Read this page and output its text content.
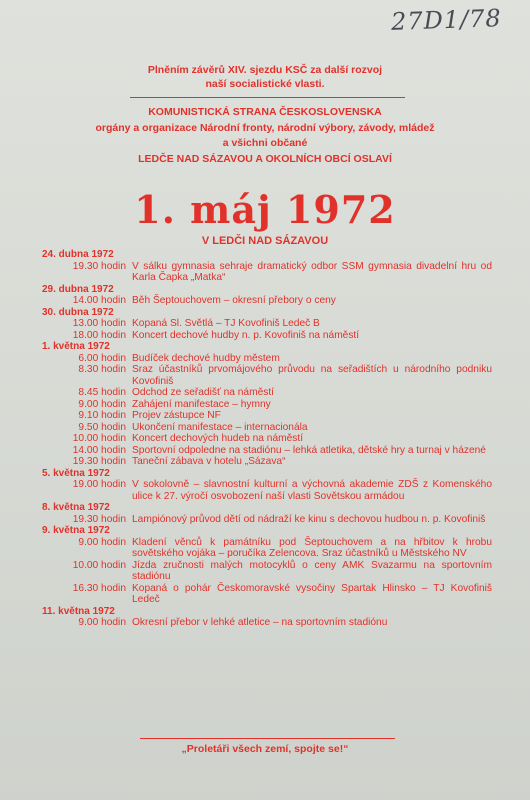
27D1/78
Plněním závěrů XIV. sjezdu KSČ za další rozvoj
naší socialistické vlasti.
KOMUNISTICKÁ STRANA ČESKOSLOVENSKA
orgány a organizace Národní fronty, národní výbory, závody, mládež
a všichni občané
LEDČE NAD SÁZAVOU A OKOLNÍCH OBCÍ OSLAVÍ
1. máj 1972
V LEDČI NAD SÁZAVOU
24. dubna 1972
19.30 hodin V sálku gymnasia sehraje dramatický odbor SSM gymnasia divadelní hru od Karla Čapka „Matka“
29. dubna 1972
14.00 hodin Běh Šeptouchovem – okresní přebory o ceny
30. dubna 1972
13.00 hodin Kopaná Sl. Světlá – TJ Kovofiniš Ledeč B
18.00 hodin Koncert dechové hudby n. p. Kovofiniš na náměstí
1. května 1972
6.00 hodin Budíček dechové hudby městem
8.30 hodin Sraz účastníků prvomájového průvodu na seřadištích u národního podniku Kovofiniš
8.45 hodin Odchod ze seřadišť na náměstí
9.00 hodin Zahájení manifestace – hymny
9.10 hodin Projev zástupce NF
9.50 hodin Ukončení manifestace – internacionála
10.00 hodin Koncert dechových hudeb na náměstí
14.00 hodin Sportovní odpoledne na stadiónu – lehká atletika, dětské hry a turnaj v házené
19.30 hodin Taneční zábava v hotelu „Sázava“
5. května 1972
19.00 hodin V sokolovně – slavnostní kulturní a výchovná akademie ZDŠ z Komenského ulice k 27. výročí osvobození naší vlasti Sovětskou armádou
8. května 1972
19.30 hodin Lampiónový průvod dětí od nádraží ke kinu s dechovou hudbou n. p. Kovofiniš
9. května 1972
9.00 hodin Kladení věnců k památníku pod Šeptouchovem a na hřbitov k hrobu sovětského vojáka – poručíka Zelencova. Sraz účastníků u Městského NV
10.00 hodin Jízda zručnosti malých motocyklů o ceny AMK Svazarmu na sportovním stadiónu
16.30 hodin Kopaná o pohár Českomoravské vysočiny Spartak Hlinsko – TJ Kovofiniš Ledeč
11. května 1972
9.00 hodin Okresní přebor v lehké atletice – na sportovním stadiónu
„Proletáři všech zemí, spojte se!“
